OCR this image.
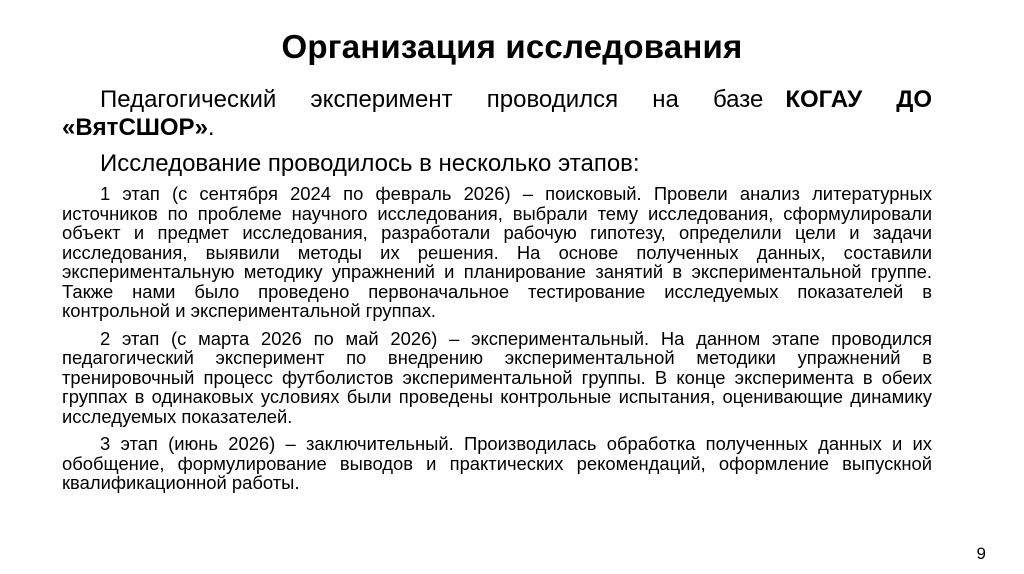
Организация исследования

Педагогический эксперимент проводился на базе КОГАУ ДО «ВятСШОР».

Исследование проводилось в несколько этапов:

1 этап (с сентября 2024 по февраль 2026) – поисковый. Провели анализ литературных источников по проблеме научного исследования, выбрали тему исследования, сформулировали объект и предмет исследования, разработали рабочую гипотезу, определили цели и задачи исследования, выявили методы их решения. На основе полученных данных, составили экспериментальную методику упражнений и планирование занятий в экспериментальной группе. Также нами было проведено первоначальное тестирование исследуемых показателей в контрольной и экспериментальной группах.

2 этап (с марта 2026 по май 2026) – экспериментальный. На данном этапе проводился педагогический эксперимент по внедрению экспериментальной методики упражнений в тренировочный процесс футболистов экспериментальной группы. В конце эксперимента в обеих группах в одинаковых условиях были проведены контрольные испытания, оценивающие динамику исследуемых показателей.

3 этап (июнь 2026) – заключительный. Производилась обработка полученных данных и их обобщение, формулирование выводов и практических рекомендаций, оформление выпускной квалификационной работы.

9
